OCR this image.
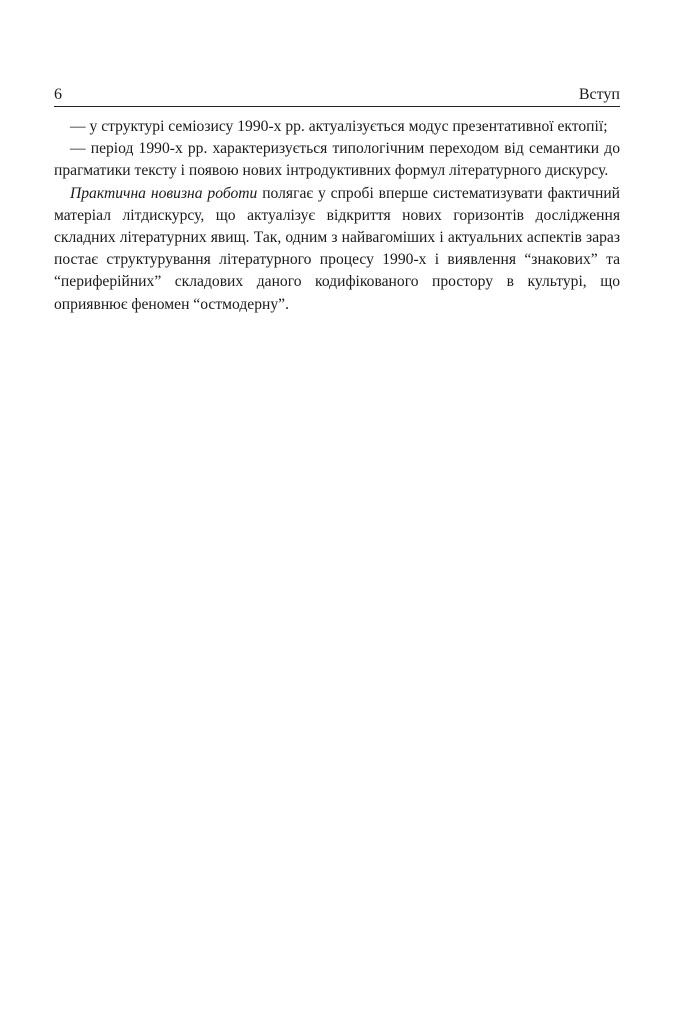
6	Вступ

— у структурі семіозису 1990-х рр. актуалізується модус презентативної ектопії;

— період 1990-х рр. характеризується типологічним переходом від семантики до прагматики тексту і появою нових інтродуктивних формул літературного дискурсу.

Практична новизна роботи полягає у спробі вперше систематизувати фактичний матеріал літдискурсу, що актуалізує відкриття нових горизонтів дослідження складних літературних явищ. Так, одним з найвагоміших і актуальних аспектів зараз постає структурування літературного процесу 1990-х і виявлення “знакових” та “периферійних” складових даного кодифікованого простору в культурі, що оприявнює феномен “остмодерну”.
